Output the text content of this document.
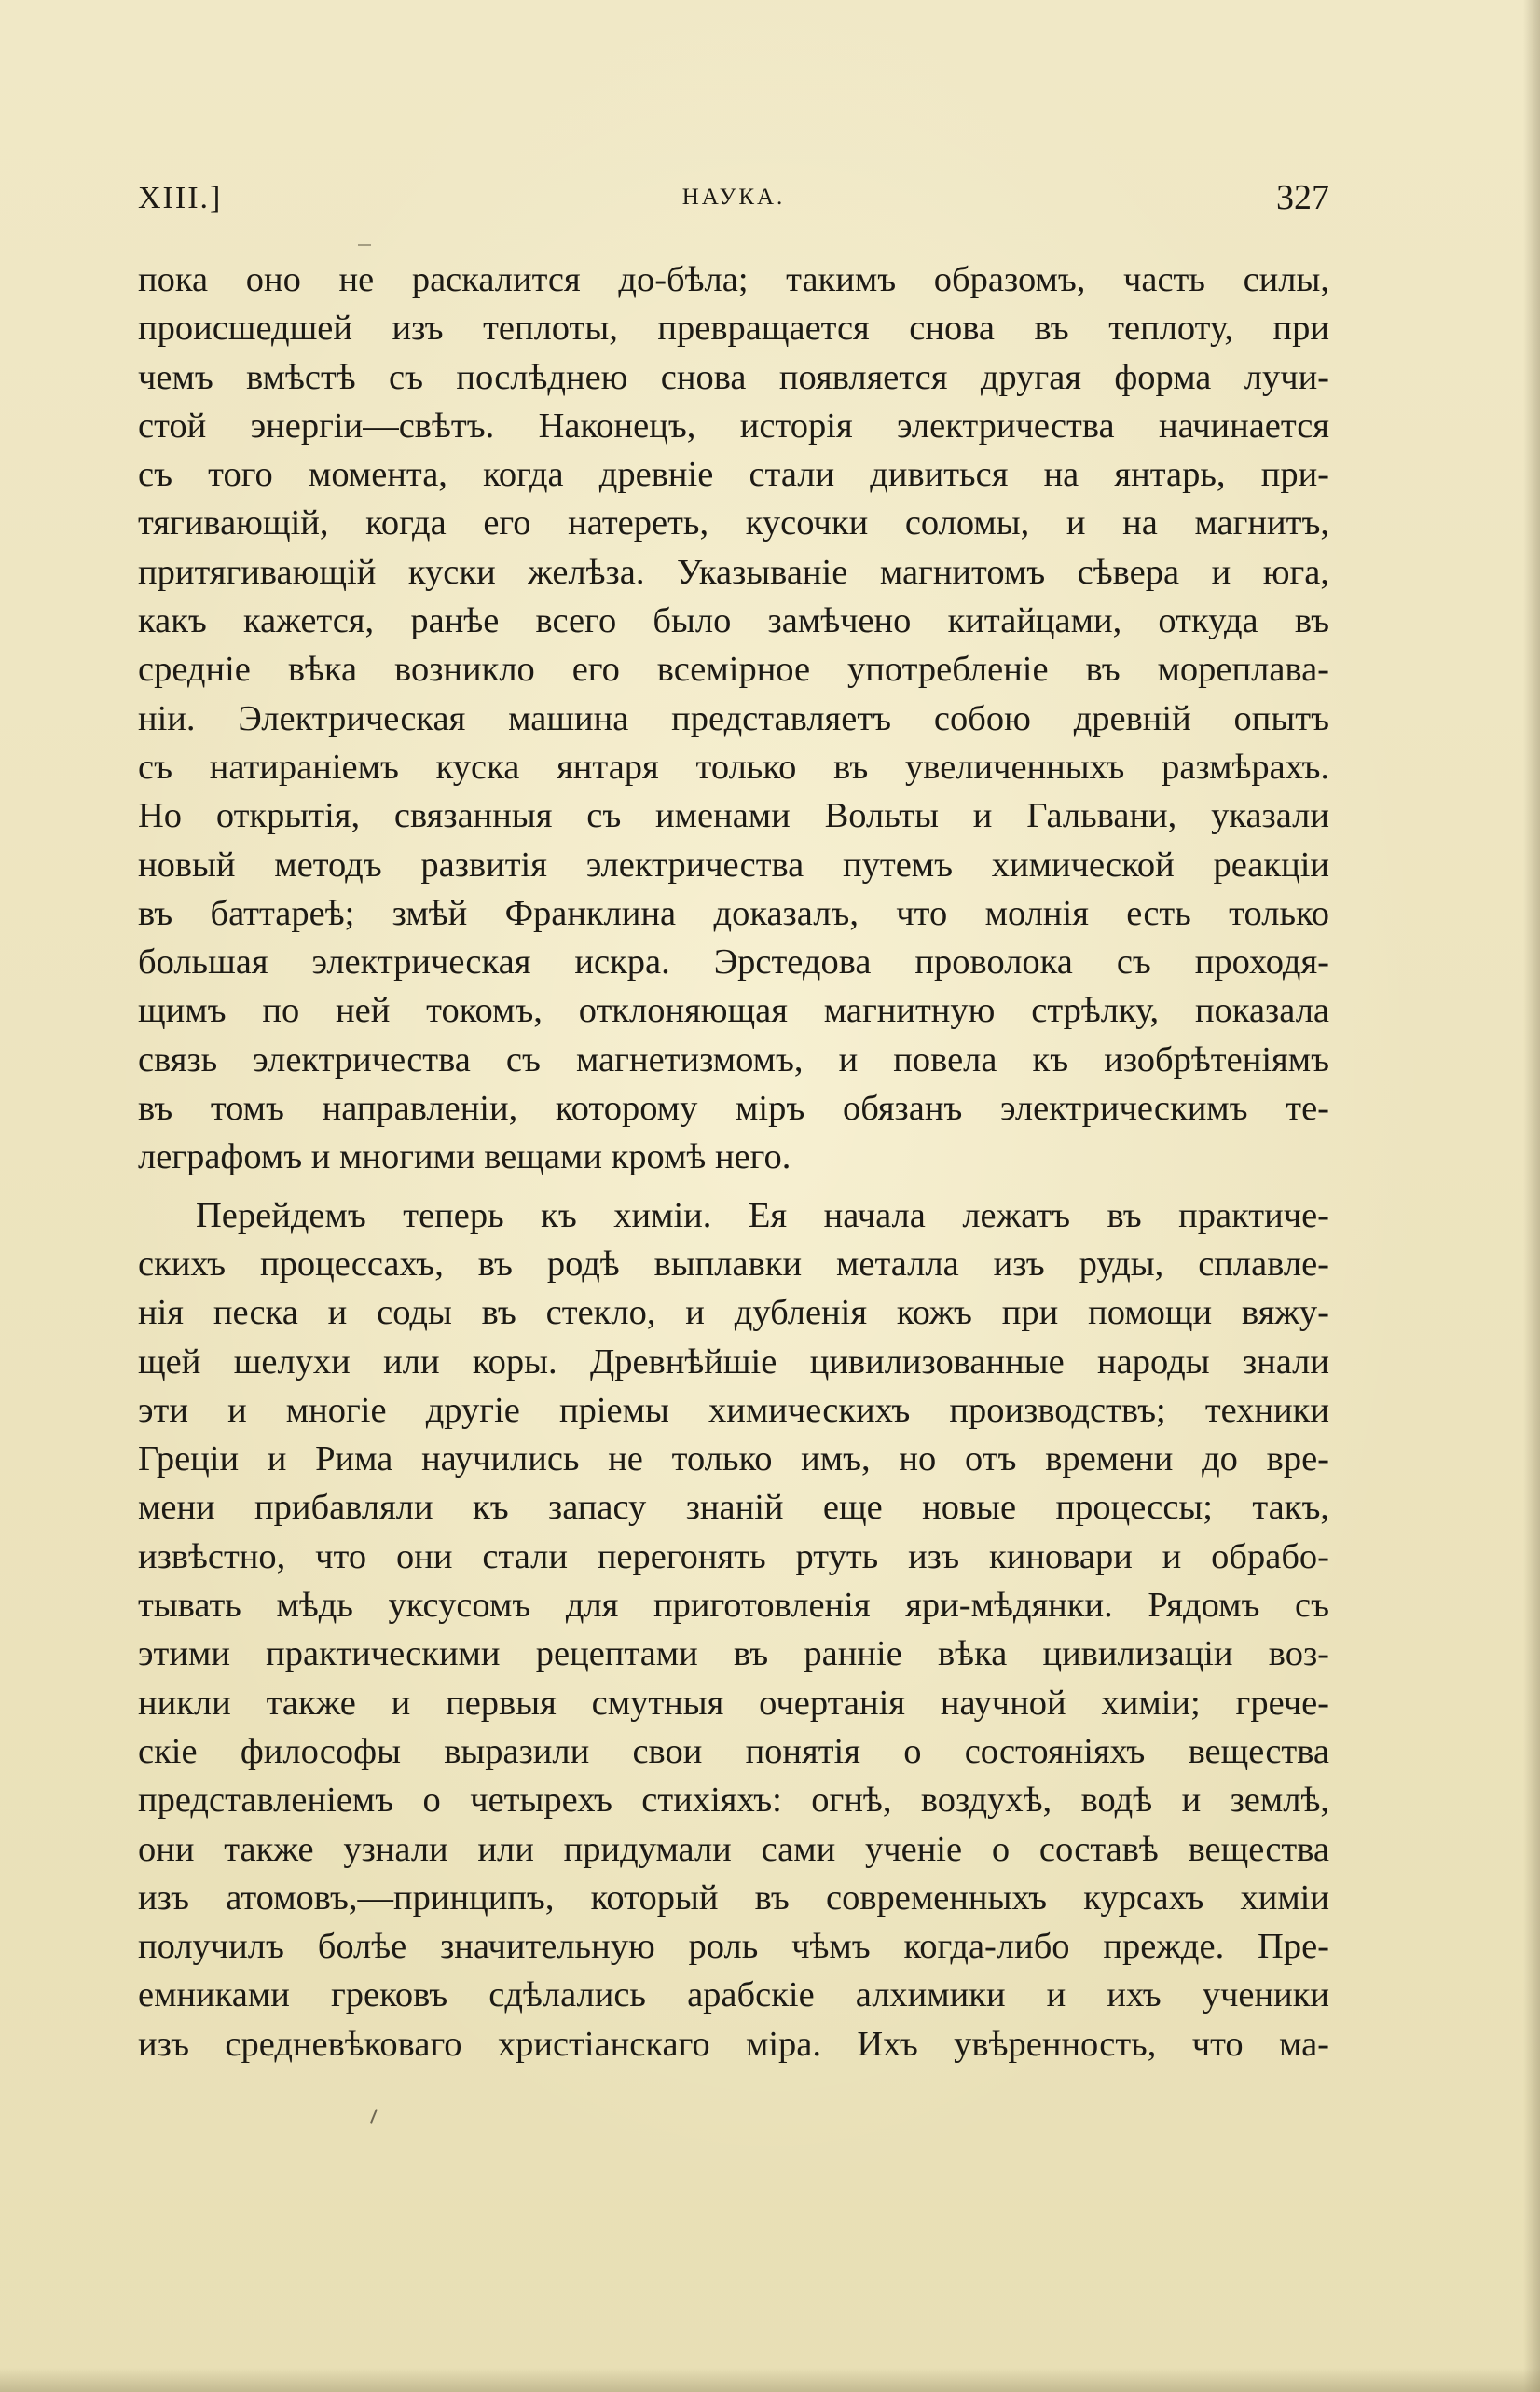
XIII.]	НАУКА.	327
пока оно не раскалится до-бѣла; такимъ образомъ, часть силы,
происшедшей изъ теплоты, превращается снова въ теплоту, при
чемъ вмѣстѣ съ послѣднею снова появляется другая форма лучи-
стой энергіи—свѣтъ. Наконецъ, исторія электричества начинается
съ того момента, когда древніе стали дивиться на янтарь, при-
тягивающій, когда его натереть, кусочки соломы, и на магнитъ,
притягивающій куски желѣза. Указываніе магнитомъ сѣвера и юга,
какъ кажется, ранѣе всего было замѣчено китайцами, откуда въ
средніе вѣка возникло его всемірное употребленіе въ мореплава-
ніи. Электрическая машина представляетъ собою древній опытъ
съ натираніемъ куска янтаря только въ увеличенныхъ размѣрахъ.
Но открытія, связанныя съ именами Вольты и Гальвани, указали
новый методъ развитія электричества путемъ химической реакціи
въ баттареѣ; змѣй Франклина доказалъ, что молнія есть только
большая электрическая искра. Эрстедова проволока съ проходя-
щимъ по ней токомъ, отклоняющая магнитную стрѣлку, показала
связь электричества съ магнетизмомъ, и повела къ изобрѣтеніямъ
въ томъ направленіи, которому міръ обязанъ электрическимъ те-
леграфомъ и многими вещами кромѣ него.
Перейдемъ теперь къ химіи. Ея начала лежатъ въ практиче-
скихъ процессахъ, въ родѣ выплавки металла изъ руды, сплавле-
нія песка и соды въ стекло, и дубленія кожъ при помощи вяжу-
щей шелухи или коры. Древнѣйшіе цивилизованные народы знали
эти и многіе другіе пріемы химическихъ производствъ; техники
Греціи и Рима научились не только имъ, но отъ времени до вре-
мени прибавляли къ запасу знаній еще новые процессы; такъ,
извѣстно, что они стали перегонять ртуть изъ киновари и обрабо-
тывать мѣдь уксусомъ для приготовленія яри-мѣдянки. Рядомъ съ
этими практическими рецептами въ ранніе вѣка цивилизаціи воз-
никли также и первыя смутныя очертанія научной химіи; грече-
скіе философы выразили свои понятія о состояніяхъ вещества
представленіемъ о четырехъ стихіяхъ: огнѣ, воздухѣ, водѣ и землѣ,
они также узнали или придумали сами ученіе о составѣ вещества
изъ атомовъ,—принципъ, который въ современныхъ курсахъ химіи
получилъ болѣе значительную роль чѣмъ когда-либо прежде. Пре-
емниками грековъ сдѣлались арабскіе алхимики и ихъ ученики
изъ средневѣковаго христіанскаго міра. Ихъ увѣренность, что ма-
